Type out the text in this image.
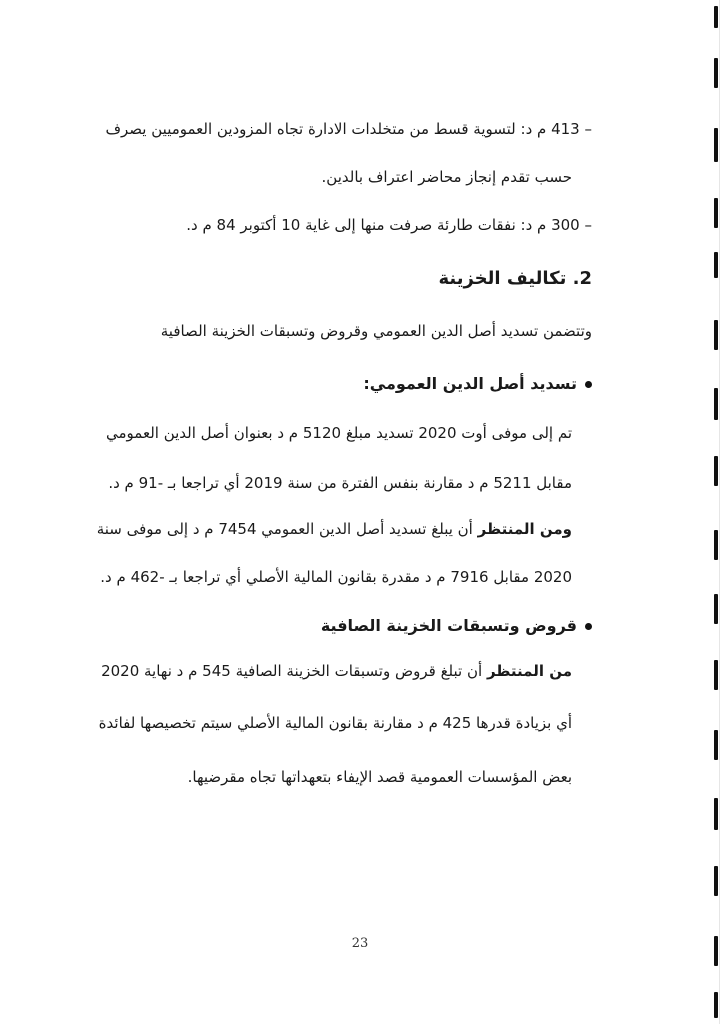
– 413 م د: لتسوية قسط من متخلدات الادارة تجاه المزودين العموميين يصرف
حسب تقدم إنجاز محاضر اعتراف بالدين.
– 300 م د: نفقات طارئة صرفت منها إلى غاية 10 أكتوبر 84 م د.
2. تكاليف الخزينة
وتتضمن تسديد أصل الدين العمومي وقروض وتسبقات الخزينة الصافية
تسديد أصل الدين العمومي:
تم إلى موفى أوت 2020 تسديد مبلغ 5120 م د بعنوان أصل الدين العمومي
مقابل 5211 م د مقارنة بنفس الفترة من سنة 2019 أي تراجعا بـ -91 م د.
ومن المنتظر أن يبلغ تسديد أصل الدين العمومي 7454 م د إلى موفى سنة
2020 مقابل 7916 م د مقدرة بقانون المالية الأصلي أي تراجعا بـ -462 م د.
قروض وتسبقات الخزينة الصافية
من المنتظر أن تبلغ قروض وتسبقات الخزينة الصافية 545 م د نهاية 2020
أي بزيادة قدرها 425 م د مقارنة بقانون المالية الأصلي سيتم تخصيصها لفائدة
بعض المؤسسات العمومية قصد الإيفاء بتعهداتها تجاه مقرضيها.
23
